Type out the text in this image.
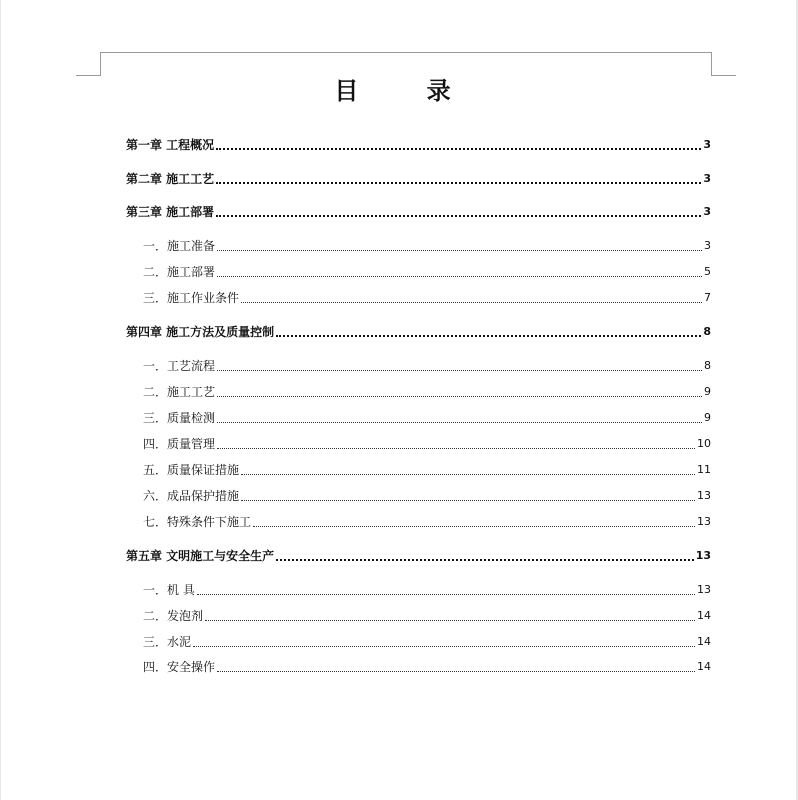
目 录
第一章 工程概况	3
第二章 施工工艺	3
第三章 施工部署	3
一．施工准备	3
二．施工部署	5
三．施工作业条件	7
第四章 施工方法及质量控制	8
一．工艺流程	8
二．施工工艺	9
三．质量检测	9
四．质量管理	10
五．质量保证措施	11
六．成品保护措施	13
七．特殊条件下施工	13
第五章 文明施工与安全生产	13
一．机 具	13
二．发泡剂	14
三．水泥	14
四．安全操作	14
